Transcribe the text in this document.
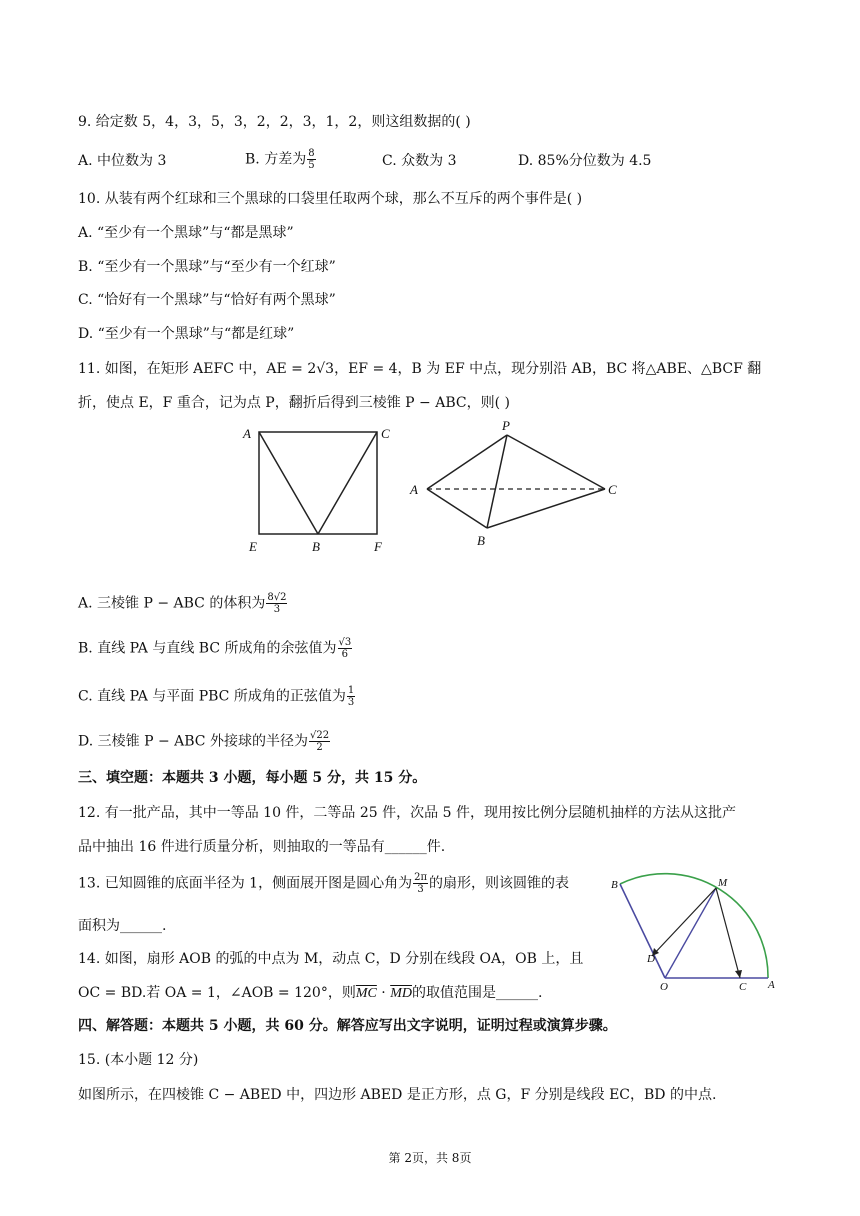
9. 给定数 5，4，3，5，3，2，2，3，1，2，则这组数据的( )
A. 中位数为 3	B. 方差为 $\frac{8}{5}$	C. 众数为 3	D. 85%分位数为 4.5
10. 从装有两个红球和三个黑球的口袋里任取两个球，那么不互斥的两个事件是( )
A. “至少有一个黑球”与“都是黑球”
B. “至少有一个黑球”与“至少有一个红球”
C. “恰好有一个黑球”与“恰好有两个黑球”
D. “至少有一个黑球”与“都是红球”
11. 如图，在矩形 AEFC 中，AE = 2√3，EF = 4，B 为 EF 中点，现分别沿 AB，BC 将△ABE、△BCF 翻
折，使点 E，F 重合，记为点 P，翻折后得到三棱锥 P − ABC，则( )
A	C
E	B	F
P
A	C
B
A. 三棱锥 P − ABC 的体积为 $\frac{8√2}{3}$
B. 直线 PA 与直线 BC 所成角的余弦值为 $\frac{√3}{6}$
C. 直线 PA 与平面 PBC 所成角的正弦值为 $\frac{1}{3}$
D. 三棱锥 P − ABC 外接球的半径为 $\frac{√22}{2}$
三、填空题：本题共 3 小题，每小题 5 分，共 15 分。
12. 有一批产品，其中一等品 10 件，二等品 25 件，次品 5 件，现用按比例分层随机抽样的方法从这批产
品中抽出 16 件进行质量分析，则抽取的一等品有______件.
13. 已知圆锥的底面半径为 1，侧面展开图是圆心角为 $\frac{2\pi}{3}$ 的扇形，则该圆锥的表
面积为______.
14. 如图，扇形 AOB 的弧的中点为 M，动点 C，D 分别在线段 OA，OB 上，且
OC = BD.若 OA = 1，∠AOB = 120°，则$\overline{MC} \cdot \overline{MD}$的取值范围是______.
B	M
D
O	C A
四、解答题：本题共 5 小题，共 60 分。解答应写出文字说明，证明过程或演算步骤。
15. (本小题 12 分)
如图所示，在四棱锥 C − ABED 中，四边形 ABED 是正方形，点 G，F 分别是线段 EC，BD 的中点.
第 2页，共 8页
